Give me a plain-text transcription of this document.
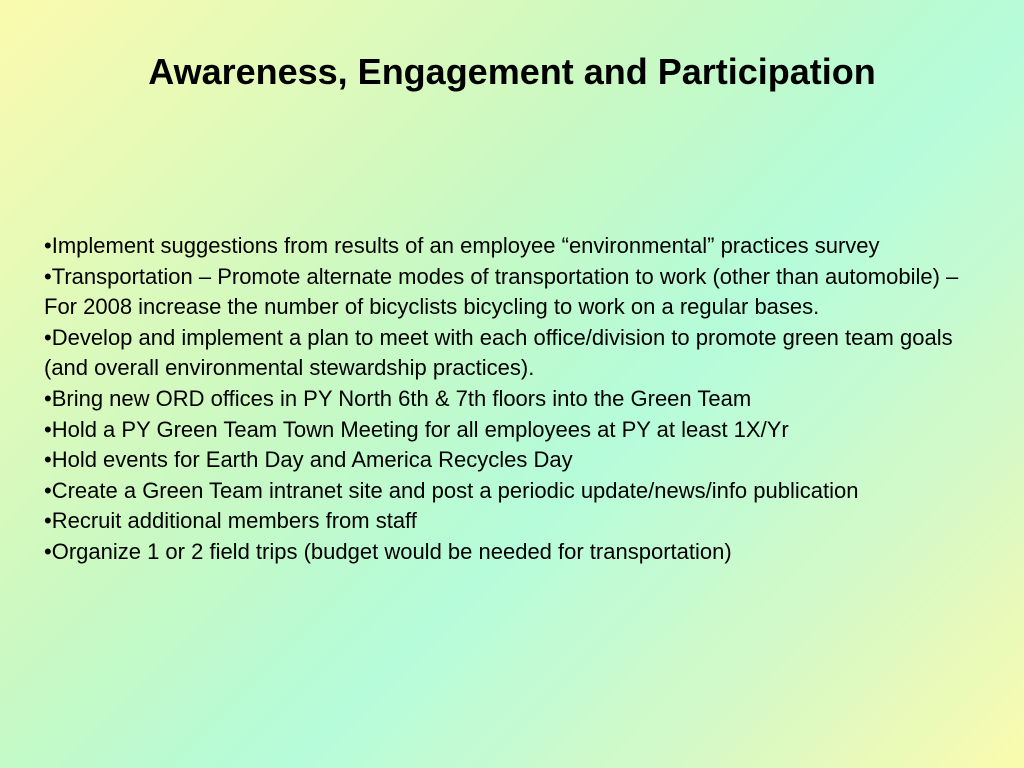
Awareness, Engagement and Participation
•Implement suggestions from results of an employee “environmental” practices survey
•Transportation – Promote alternate modes of transportation to work (other than automobile) – For 2008 increase the number of bicyclists bicycling to work on a regular bases.
•Develop and implement a plan to meet with each office/division to promote green team goals (and overall environmental stewardship practices).
•Bring new ORD offices in PY North 6th & 7th floors into the Green Team
•Hold a PY Green Team Town Meeting for all employees at PY at least 1X/Yr
•Hold events for Earth Day and America Recycles Day
•Create a Green Team intranet site and post a periodic update/news/info publication
•Recruit additional members from staff
•Organize 1 or 2 field trips (budget would be needed for transportation)
